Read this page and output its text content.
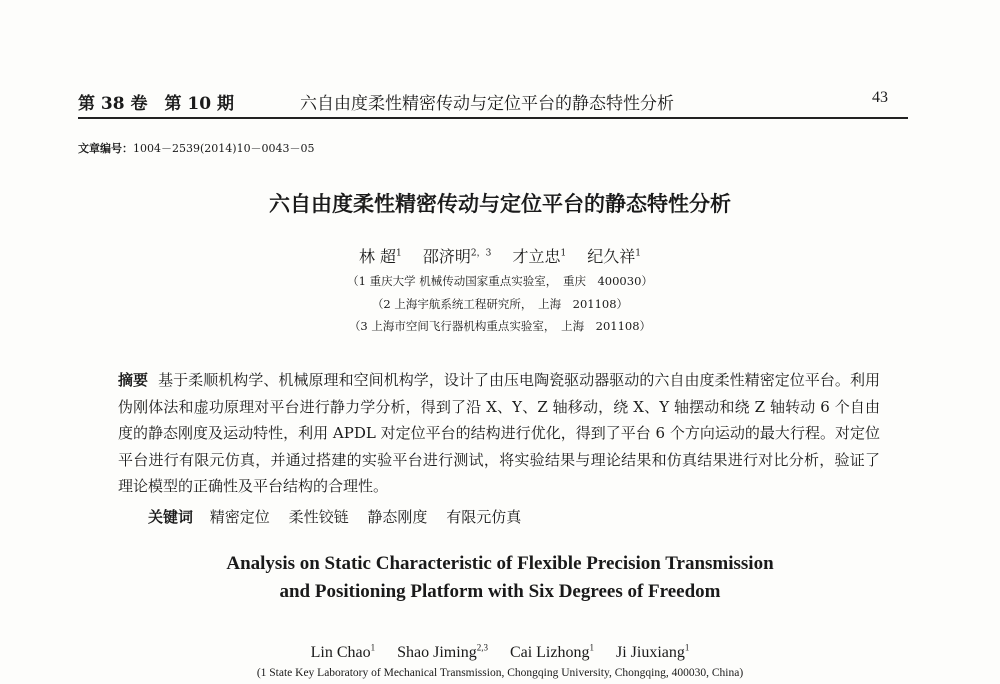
第 38 卷　第 10 期	六自由度柔性精密传动与定位平台的静态特性分析	43
文章编号：1004－2539(2014)10－0043－05
六自由度柔性精密传动与定位平台的静态特性分析
林 超$^1$　 邵济明$^{2,3}$　 才立忠$^1$　 纪久祥$^1$
（1 重庆大学 机械传动国家重点实验室，　重庆　400030）
（2 上海宇航系统工程研究所，　上海　201108）
（3 上海市空间飞行器机构重点实验室，　上海　201108）
摘要 基于柔顺机构学、机械原理和空间机构学，设计了由压电陶瓷驱动器驱动的六自由度柔性精密定位平台。利用伪刚体法和虚功原理对平台进行静力学分析，得到了沿 X、Y、Z 轴移动，绕 X、Y 轴摆动和绕 Z 轴转动 6 个自由度的静态刚度及运动特性，利用 APDL 对定位平台的结构进行优化，得到了平台 6 个方向运动的最大行程。对定位平台进行有限元仿真，并通过搭建的实验平台进行测试，将实验结果与理论结果和仿真结果进行对比分析，验证了理论模型的正确性及平台结构的合理性。
关键词 精密定位 柔性铰链 静态刚度 有限元仿真
Analysis on Static Characteristic of Flexible Precision Transmission
and Positioning Platform with Six Degrees of Freedom
Lin Chao$^1$ Shao Jiming$^{2,3}$ Cai Lizhong$^1$ Ji Jiuxiang$^1$
(1 State Key Laboratory of Mechanical Transmission, Chongqing University, Chongqing, 400030, China)
